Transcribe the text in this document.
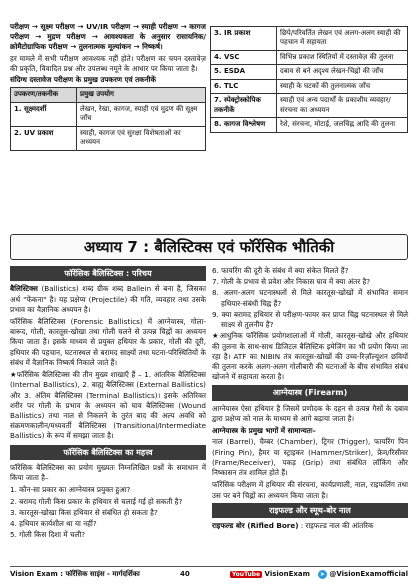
परीक्षण → सूक्ष्म परीक्षण → UV/IR परीक्षण → स्याही परीक्षण → कागज परीक्षण → मुद्रण परीक्षण → आवश्यकता के अनुसार रासायनिक/क्रोमैटोग्राफिक परीक्षण → तुलनात्मक मूल्यांकन → निष्कर्ष।

हर मामले में सभी परीक्षण आवश्यक नहीं होते। परीक्षण का चयन दस्तावेज़ की प्रकृति, विवादित प्रश्न और उपलब्ध नमूने के आधार पर किया जाता है।

संदिग्ध दस्तावेज परीक्षण के प्रमुख उपकरण एवं तकनीकें

उपकरण/तकनीक	प्रमुख उपयोग
1. सूक्ष्मदर्शी	लेखन, रेखा, कागज, स्याही एवं मुद्रण की सूक्ष्म जाँच
2. UV प्रकाश	स्याही, कागज एवं सुरक्षा विशेषताओं का अध्ययन
3. IR प्रकाश	छिपे/परिवर्तित लेखन एवं अलग-अलग स्याही की पहचान में सहायता
4. VSC	विभिन्न प्रकाश स्थितियों में दस्तावेज़ की तुलना
5. ESDA	दबाव से बने अदृश्य लेखन-चिह्नों की जाँच
6. TLC	स्याही के घटकों की तुलनात्मक जाँच
7. स्पेक्ट्रोस्कोपिक तकनीकें	स्याही एवं अन्य पदार्थों के प्रकाशीय व्यवहार/संरचना का अध्ययन
8. कागज विश्लेषण	रेशे, संरचना, मोटाई, जलचिह्न आदि की तुलना
अध्याय 7 : बैलिस्टिक्स एवं फॉरेंसिक भौतिकी
फॉरेंसिक बैलिस्टिक्स : परिचय

बैलिस्टिक्स (Ballistics) शब्द ग्रीक शब्द Ballein से बना है, जिसका अर्थ "फेंकना" है। यह प्रक्षेप्य (Projectile) की गति, व्यवहार तथा उसके प्रभाव का वैज्ञानिक अध्ययन है।

फॉरेंसिक बैलिस्टिक्स (Forensic Ballistics) में आग्नेयास्त्र, गोला-बारूद, गोली, कारतूस-खोखा तथा गोली चलने से उत्पन्न चिह्नों का अध्ययन किया जाता है। इसके माध्यम से प्रयुक्त हथियार के प्रकार, गोली की दूरी, हथियार की पहचान, घटनास्थल से बरामद साक्ष्यों तथा घटना-परिस्थितियों के संबंध में वैज्ञानिक निष्कर्ष निकाले जाते हैं।

★फॉरेंसिक बैलिस्टिक्स की तीन मुख्य शाखाएँ हैं – 1. आंतरिक बैलिस्टिक्स (Internal Ballistics), 2. बाह्य बैलिस्टिक्स (External Ballistics) और 3. अंतिम बैलिस्टिक्स (Terminal Ballistics)। इसके अतिरिक्त शरीर पर गोली के प्रभाव के अध्ययन को घाव बैलिस्टिक्स (Wound Ballistics) तथा नाल से निकलने के तुरंत बाद की अल्प अवधि को संक्रमणकालीन/मध्यवर्ती बैलिस्टिक्स (Transitional/Intermediate Ballistics) के रूप में समझा जाता है।

फॉरेंसिक बैलिस्टिक्स का महत्त्व

फॉरेंसिक बैलिस्टिक्स का प्रयोग मुख्यतः निम्नलिखित प्रश्नों के समाधान में किया जाता है–

1. कौन-सा प्रकार का आग्नेयास्त्र प्रयुक्त हुआ?

2. बरामद गोली किस प्रकार के हथियार से चलाई गई हो सकती है?

3. कारतूस-खोखा किस हथियार से संबंधित हो सकता है?

4. हथियार कार्यशील था या नहीं?

5. गोली किस दिशा में चली?

6. फायरिंग की दूरी के संबंध में क्या संकेत मिलते हैं?

7. गोली के प्रभाव से प्रवेश और निकास घाव में क्या अंतर है?

8. अलग-अलग घटनास्थलों से मिले कारतूस-खोखों में संभावित समान हथियार-संबंधी चिह्न हैं?

9. क्या बरामद हथियार से परीक्षण-फायर कर प्राप्त चिह्न घटनास्थल से मिले साक्ष्य से तुलनीय हैं?

★आधुनिक फॉरेंसिक प्रयोगशालाओं में गोली, कारतूस-खोखे और हथियार की तुलना के साथ-साथ डिजिटल बैलिस्टिक इमेजिंग का भी प्रयोग किया जा रहा है। ATF का NIBIN तंत्र कारतूस-खोखों की उच्च-रिज़ॉल्यूशन छवियों की तुलना करके अलग-अलग गोलीबारी की घटनाओं के बीच संभावित संबंध खोजने में सहायता करता है।

आग्नेयास्त्र (Firearm)

आग्नेयास्त्र ऐसा हथियार है जिसमें प्रणोदक के दहन से उत्पन्न गैसों के दबाव द्वारा प्रक्षेप्य को नाल के माध्यम से आगे बढ़ाया जाता है।

आग्नेयास्त्र के प्रमुख भागों में सामान्यतः–

नाल (Barrel), चैम्बर (Chamber), ट्रिगर (Trigger), फायरिंग पिन (Firing Pin), हैमर या स्ट्राइकर (Hammer/Striker), फ्रेम/रिसीवर (Frame/Receiver), पकड़ (Grip) तथा संबंधित लॉकिंग और निष्कासन तंत्र शामिल होते हैं।

फॉरेंसिक परीक्षण में हथियार की संरचना, कार्यप्रणाली, नाल, राइफलिंग तथा उस पर बने चिह्नों का अध्ययन किया जाता है।

राइफल्ड और स्मूथ-बोर नाल

राइफल्ड बोर (Rifled Bore) : राइफल्ड नाल की आंतरिक

Vision Exam : फॉरेंसिक साइंस - मार्गदर्शिका	40	YouTube VisionExam	➤ @VisionExamofficial
